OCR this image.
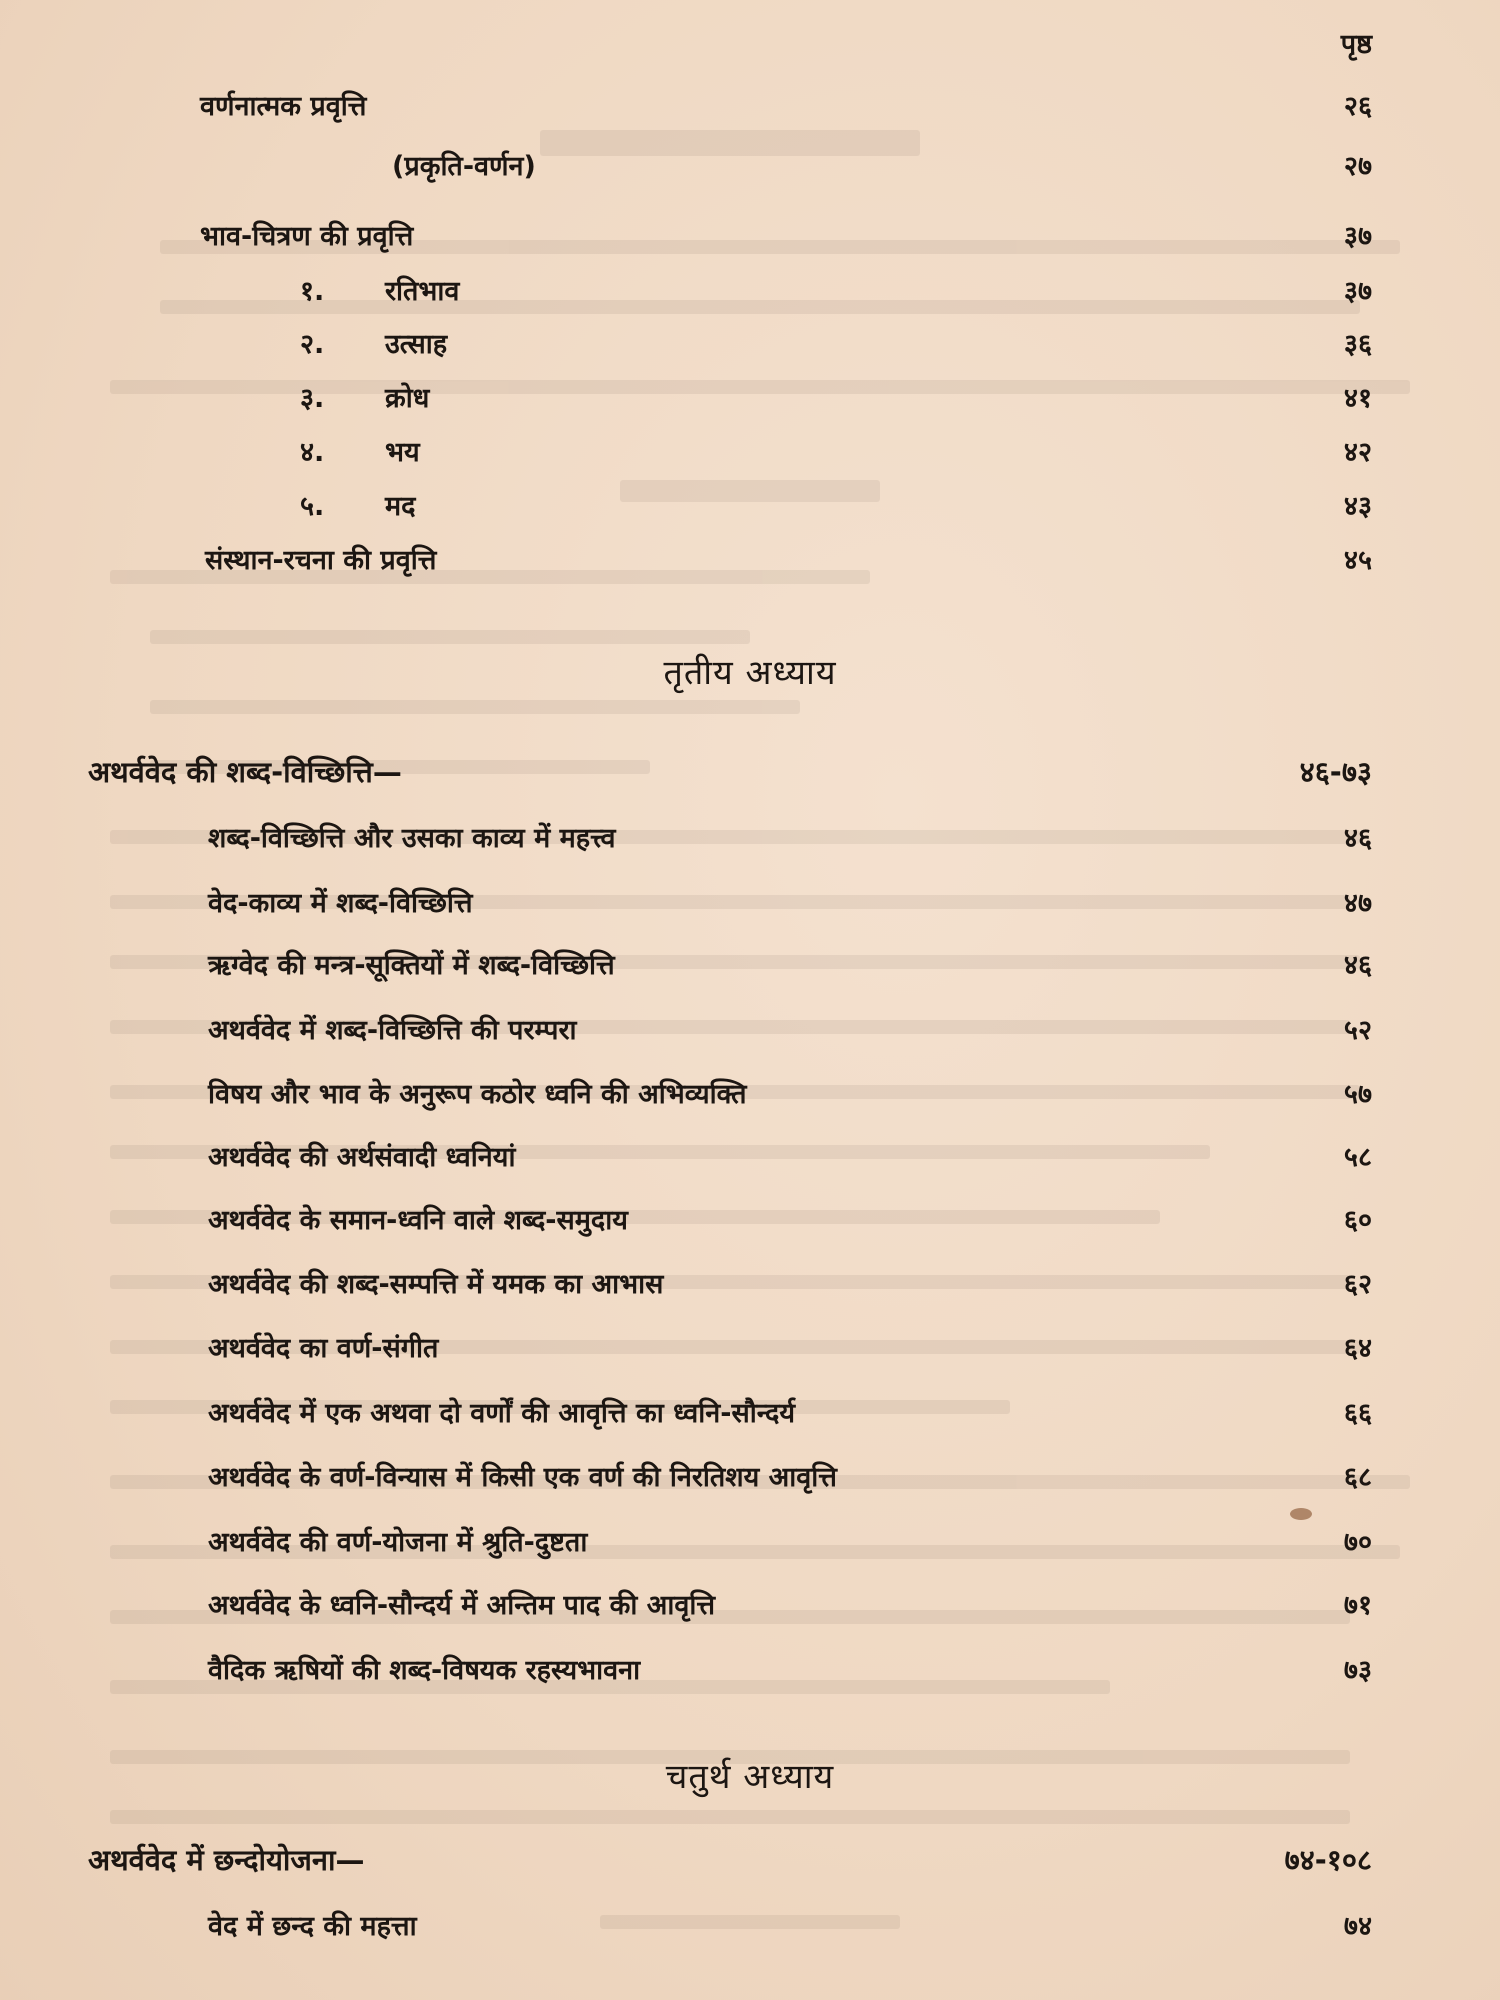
पृष्ठ
वर्णनात्मक प्रवृत्ति	२६
(प्रकृति-वर्णन)	२७
भाव-चित्रण की प्रवृत्ति	३७
१. रतिभाव	३७
२. उत्साह	३६
३. क्रोध	४१
४. भय	४२
५. मद	४३
संस्थान-रचना की प्रवृत्ति	४५
तृतीय अध्याय
अथर्ववेद की शब्द-विच्छित्ति—	४६-७३
शब्द-विच्छित्ति और उसका काव्य में महत्त्व	४६
वेद-काव्य में शब्द-विच्छित्ति	४७
ऋग्वेद की मन्त्र-सूक्तियों में शब्द-विच्छित्ति	४६
अथर्ववेद में शब्द-विच्छित्ति की परम्परा	५२
विषय और भाव के अनुरूप कठोर ध्वनि की अभिव्यक्ति	५७
अथर्ववेद की अर्थसंवादी ध्वनियां	५८
अथर्ववेद के समान-ध्वनि वाले शब्द-समुदाय	६०
अथर्ववेद की शब्द-सम्पत्ति में यमक का आभास	६२
अथर्ववेद का वर्ण-संगीत	६४
अथर्ववेद में एक अथवा दो वर्णों की आवृत्ति का ध्वनि-सौन्दर्य	६६
अथर्ववेद के वर्ण-विन्यास में किसी एक वर्ण की निरतिशय आवृत्ति	६८
अथर्ववेद की वर्ण-योजना में श्रुति-दुष्टता	७०
अथर्ववेद के ध्वनि-सौन्दर्य में अन्तिम पाद की आवृत्ति	७१
वैदिक ऋषियों की शब्द-विषयक रहस्यभावना	७३
चतुर्थ अध्याय
अथर्ववेद में छन्दोयोजना—	७४-१०८
वेद में छन्द की महत्ता	७४
